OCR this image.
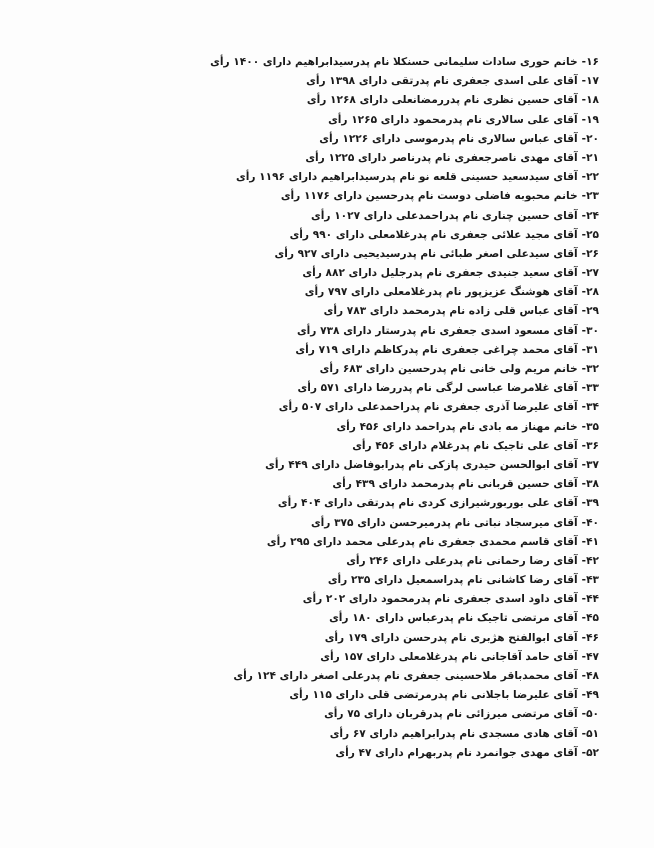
۱۶-خانم حوری سادات سلیمانی حسنکلا نام پدرسیدابراهیم دارای ۱۴۰۰ رأی
۱۷-آقای علی اسدی جعفری نام پدرتقی دارای ۱۳۹۸ رأی
۱۸-آقای حسین نظری نام پدررمضانعلی دارای ۱۲۶۸ رأی
۱۹-آقای علی سالاری نام پدرمحمود دارای ۱۲۶۵ رأی
۲۰-آقای عباس سالاری نام پدرموسی دارای ۱۲۲۶ رأی
۲۱-آقای مهدی ناصرجعفری نام پدرناصر دارای ۱۲۲۵ رأی
۲۲-آقای سیدسعید حسینی قلعه نو نام پدرسیدابراهیم دارای ۱۱۹۶ رأی
۲۳-خانم محبوبه فاضلی دوست نام پدرحسین دارای ۱۱۷۶ رأی
۲۴-آقای حسین چناری نام پدراحمدعلی دارای ۱۰۲۷ رأی
۲۵-آقای مجید علائی جعفری نام پدرغلامعلی دارای ۹۹۰ رأی
۲۶-آقای سیدعلی اصغر طبائی نام پدرسیدیحیی دارای ۹۲۷ رأی
۲۷-آقای سعید جنیدی جعفری نام پدرجلیل دارای ۸۸۲ رأی
۲۸-آقای هوشنگ عزیزپور نام پدرغلامعلی دارای ۷۹۷ رأی
۲۹-آقای عباس قلی زاده نام پدرمحمد دارای ۷۸۳ رأی
۳۰-آقای مسعود اسدی جعفری نام پدرستار دارای ۷۳۸ رأی
۳۱-آقای محمد چراغی جعفری نام پدرکاظم دارای ۷۱۹ رأی
۳۲-خانم مریم ولی خانی نام پدرحسین دارای ۶۸۳ رأی
۳۳-آقای غلامرضا عباسی لرگی نام پدررضا دارای ۵۷۱ رأی
۳۴-آقای علیرضا آذری جعفری نام پدراحمدعلی دارای ۵۰۷ رأی
۳۵-خانم مهناز مه بادی نام پدراحمد دارای ۴۵۶ رأی
۳۶-آقای علی تاجیک نام پدرغلام دارای ۴۵۶ رأی
۳۷-آقای ابوالحسن حیدری پازکی نام پدرابوفاضل دارای ۴۴۹ رأی
۳۸-آقای حسین قربانی نام پدرمحمد دارای ۴۳۹ رأی
۳۹-آقای علی بوربورشیرازی کردی نام پدرتقی دارای ۴۰۴ رأی
۴۰-آقای میرسجاد نباتی نام پدرمیرحسن دارای ۳۷۵ رأی
۴۱-آقای قاسم محمدی جعفری نام پدرعلی محمد دارای ۲۹۵ رأی
۴۲-آقای رضا رحمانی نام پدرعلی دارای ۲۴۶ رأی
۴۳-آقای رضا کاشانی نام پدراسمعیل دارای ۲۳۵ رأی
۴۴-آقای داود اسدی جعفری نام پدرمحمود دارای ۲۰۲ رأی
۴۵-آقای مرتضی تاجیک نام پدرعباس دارای ۱۸۰ رأی
۴۶-آقای ابوالفتح هژبری نام پدرحسن دارای ۱۷۹ رأی
۴۷-آقای حامد آقاجانی نام پدرغلامعلی دارای ۱۵۷ رأی
۴۸-آقای محمدباقر ملاحسینی جعفری نام پدرعلی اصغر دارای ۱۲۴ رأی
۴۹-آقای علیرضا باجلانی نام پدرمرتضی قلی دارای ۱۱۵ رأی
۵۰-آقای مرتضی میرزائی نام پدرقربان دارای ۷۵ رأی
۵۱-آقای هادی مسجدی نام پدرابراهیم دارای ۶۷ رأی
۵۲-آقای مهدی جوانمرد نام پدربهرام دارای ۴۷ رأی
